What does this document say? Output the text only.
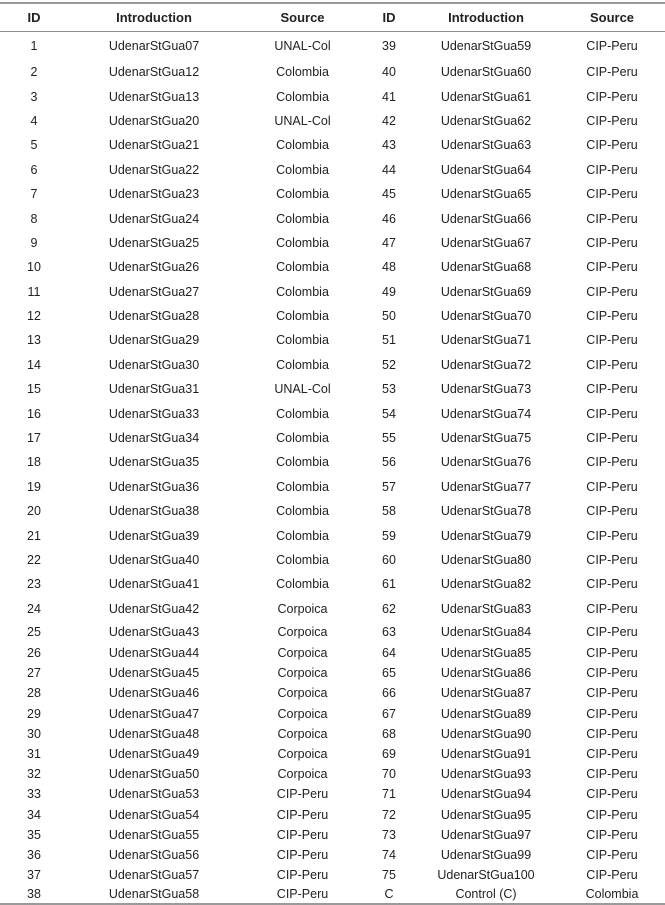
ID	Introduction	Source	ID	Introduction	Source
1	UdenarStGua07	UNAL-Col	39	UdenarStGua59	CIP-Peru
2	UdenarStGua12	Colombia	40	UdenarStGua60	CIP-Peru
3	UdenarStGua13	Colombia	41	UdenarStGua61	CIP-Peru
4	UdenarStGua20	UNAL-Col	42	UdenarStGua62	CIP-Peru
5	UdenarStGua21	Colombia	43	UdenarStGua63	CIP-Peru
6	UdenarStGua22	Colombia	44	UdenarStGua64	CIP-Peru
7	UdenarStGua23	Colombia	45	UdenarStGua65	CIP-Peru
8	UdenarStGua24	Colombia	46	UdenarStGua66	CIP-Peru
9	UdenarStGua25	Colombia	47	UdenarStGua67	CIP-Peru
10	UdenarStGua26	Colombia	48	UdenarStGua68	CIP-Peru
11	UdenarStGua27	Colombia	49	UdenarStGua69	CIP-Peru
12	UdenarStGua28	Colombia	50	UdenarStGua70	CIP-Peru
13	UdenarStGua29	Colombia	51	UdenarStGua71	CIP-Peru
14	UdenarStGua30	Colombia	52	UdenarStGua72	CIP-Peru
15	UdenarStGua31	UNAL-Col	53	UdenarStGua73	CIP-Peru
16	UdenarStGua33	Colombia	54	UdenarStGua74	CIP-Peru
17	UdenarStGua34	Colombia	55	UdenarStGua75	CIP-Peru
18	UdenarStGua35	Colombia	56	UdenarStGua76	CIP-Peru
19	UdenarStGua36	Colombia	57	UdenarStGua77	CIP-Peru
20	UdenarStGua38	Colombia	58	UdenarStGua78	CIP-Peru
21	UdenarStGua39	Colombia	59	UdenarStGua79	CIP-Peru
22	UdenarStGua40	Colombia	60	UdenarStGua80	CIP-Peru
23	UdenarStGua41	Colombia	61	UdenarStGua82	CIP-Peru
24	UdenarStGua42	Corpoica	62	UdenarStGua83	CIP-Peru
25	UdenarStGua43	Corpoica	63	UdenarStGua84	CIP-Peru
26	UdenarStGua44	Corpoica	64	UdenarStGua85	CIP-Peru
27	UdenarStGua45	Corpoica	65	UdenarStGua86	CIP-Peru
28	UdenarStGua46	Corpoica	66	UdenarStGua87	CIP-Peru
29	UdenarStGua47	Corpoica	67	UdenarStGua89	CIP-Peru
30	UdenarStGua48	Corpoica	68	UdenarStGua90	CIP-Peru
31	UdenarStGua49	Corpoica	69	UdenarStGua91	CIP-Peru
32	UdenarStGua50	Corpoica	70	UdenarStGua93	CIP-Peru
33	UdenarStGua53	CIP-Peru	71	UdenarStGua94	CIP-Peru
34	UdenarStGua54	CIP-Peru	72	UdenarStGua95	CIP-Peru
35	UdenarStGua55	CIP-Peru	73	UdenarStGua97	CIP-Peru
36	UdenarStGua56	CIP-Peru	74	UdenarStGua99	CIP-Peru
37	UdenarStGua57	CIP-Peru	75	UdenarStGua100	CIP-Peru
38	UdenarStGua58	CIP-Peru	C	Control (C)	Colombia
